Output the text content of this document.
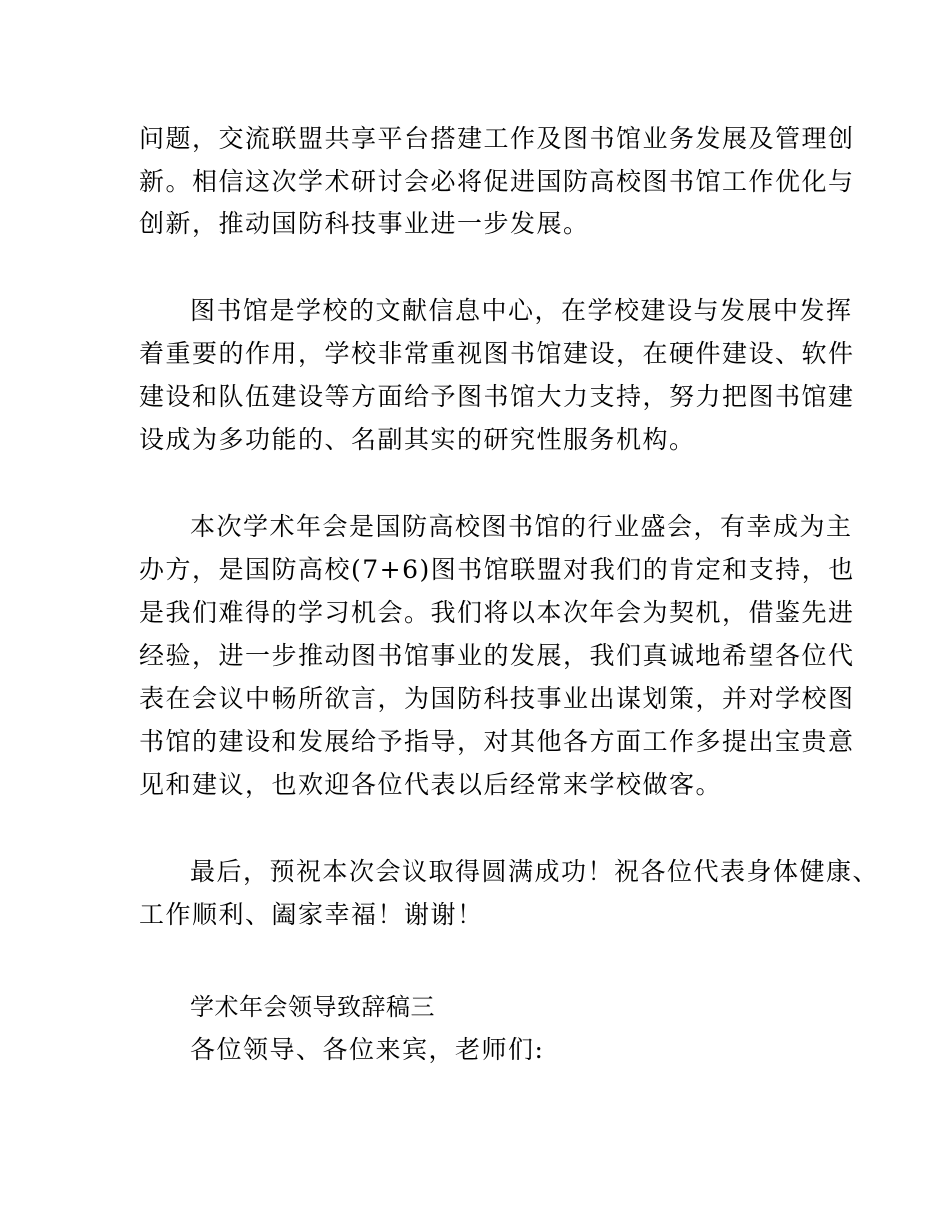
问题，交流联盟共享平台搭建工作及图书馆业务发展及管理创
新。相信这次学术研讨会必将促进国防高校图书馆工作优化与
创新，推动国防科技事业进一步发展。
图书馆是学校的文献信息中心，在学校建设与发展中发挥
着重要的作用，学校非常重视图书馆建设，在硬件建设、软件
建设和队伍建设等方面给予图书馆大力支持，努力把图书馆建
设成为多功能的、名副其实的研究性服务机构。
本次学术年会是国防高校图书馆的行业盛会，有幸成为主
办方，是国防高校(7+6)图书馆联盟对我们的肯定和支持，也
是我们难得的学习机会。我们将以本次年会为契机，借鉴先进
经验，进一步推动图书馆事业的发展，我们真诚地希望各位代
表在会议中畅所欲言，为国防科技事业出谋划策，并对学校图
书馆的建设和发展给予指导，对其他各方面工作多提出宝贵意
见和建议，也欢迎各位代表以后经常来学校做客。
最后，预祝本次会议取得圆满成功！祝各位代表身体健康、
工作顺利、阖家幸福！谢谢！
学术年会领导致辞稿三
各位领导、各位来宾，老师们:
